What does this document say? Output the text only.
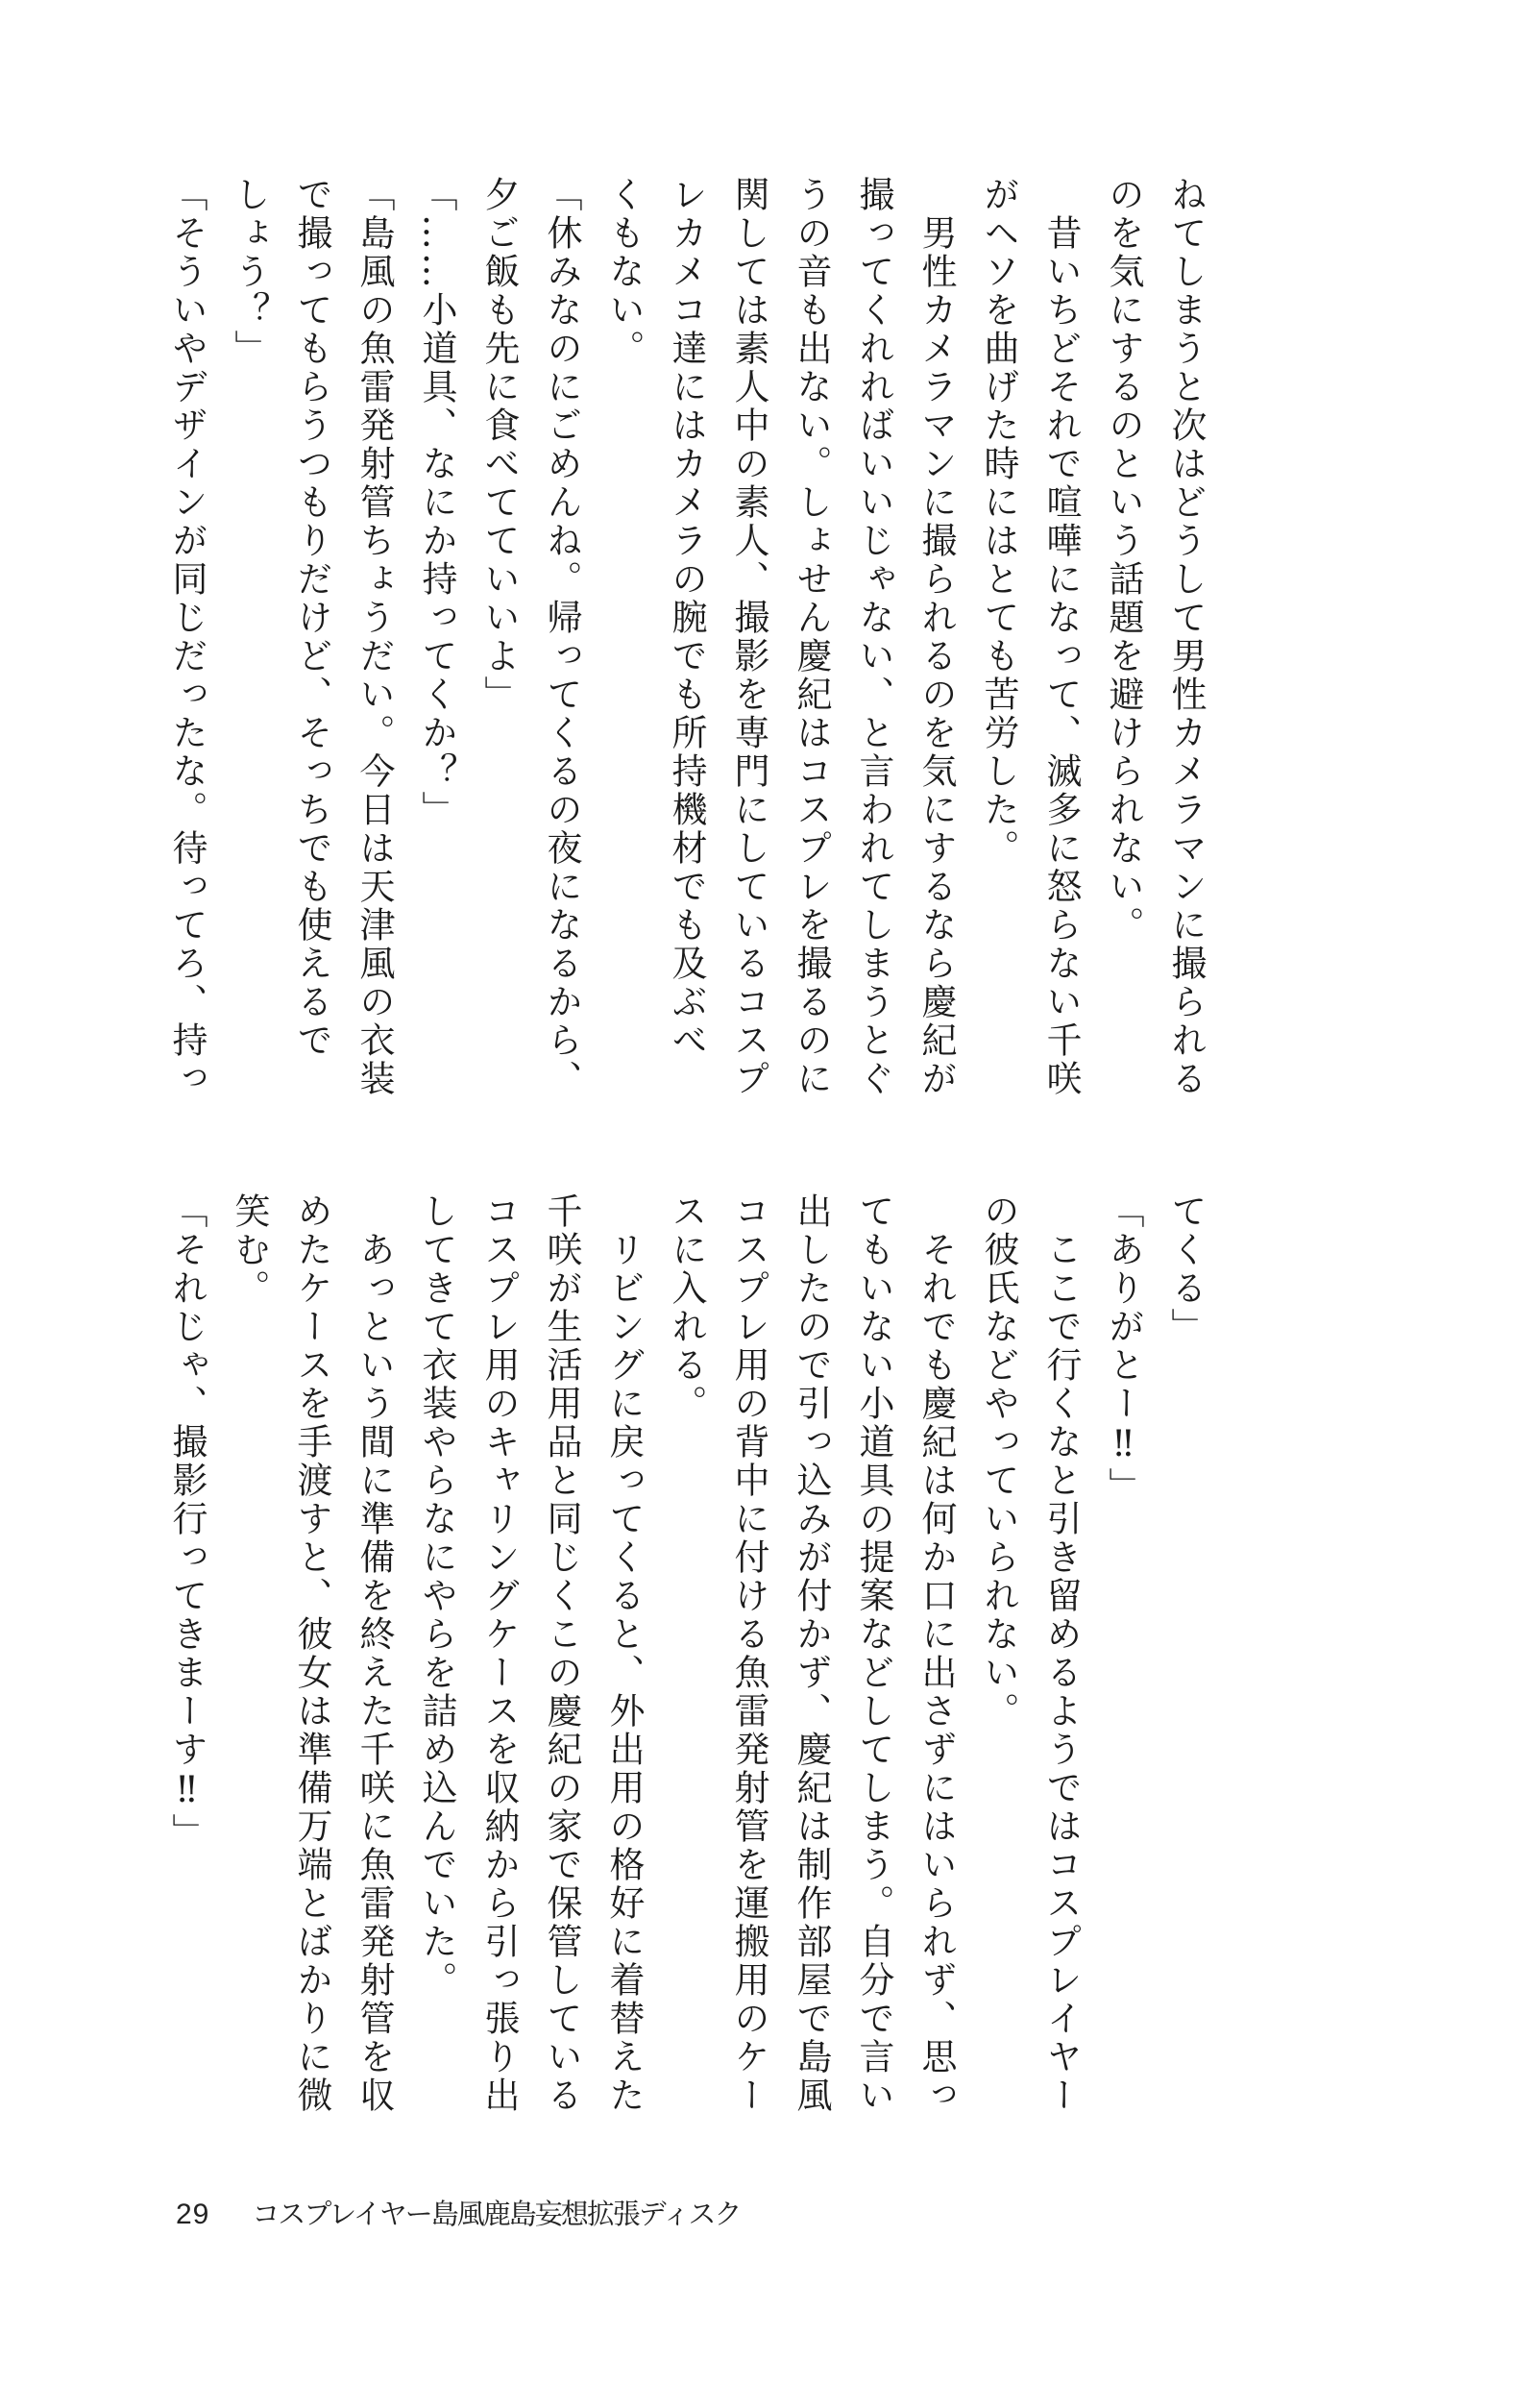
ねてしまうと次はどうして男性カメラマンに撮られる
のを気にするのという話題を避けられない。
　昔いちどそれで喧嘩になって、滅多に怒らない千咲
がヘソを曲げた時にはとても苦労した。
　男性カメラマンに撮られるのを気にするなら慶紀が
撮ってくれればいいじゃない、と言われてしまうとぐ
うの音も出ない。しょせん慶紀はコスプレを撮るのに
関しては素人中の素人、撮影を専門にしているコスプ
レカメコ達にはカメラの腕でも所持機材でも及ぶべ
くもない。
「休みなのにごめんね。帰ってくるの夜になるから、
夕ご飯も先に食べてていいよ」
「……小道具、なにか持ってくか？」
「島風の魚雷発射管ちょうだい。今日は天津風の衣装
で撮ってもらうつもりだけど、そっちでも使えるで
しょう？」
「そういやデザインが同じだったな。待ってろ、持っ
てくる」
「ありがとー‼」
　ここで行くなと引き留めるようではコスプレイヤー
の彼氏などやっていられない。
　それでも慶紀は何か口に出さずにはいられず、思っ
てもいない小道具の提案などしてしまう。自分で言い
出したので引っ込みが付かず、慶紀は制作部屋で島風
コスプレ用の背中に付ける魚雷発射管を運搬用のケー
スに入れる。
　リビングに戻ってくると、外出用の格好に着替えた
千咲が生活用品と同じくこの慶紀の家で保管している
コスプレ用のキャリングケースを収納から引っ張り出
してきて衣装やらなにやらを詰め込んでいた。
　あっという間に準備を終えた千咲に魚雷発射管を収
めたケースを手渡すと、彼女は準備万端とばかりに微
笑む。
「それじゃ、撮影行ってきまーす‼」
29 コスプレイヤー島風鹿島妄想拡張ディスク
